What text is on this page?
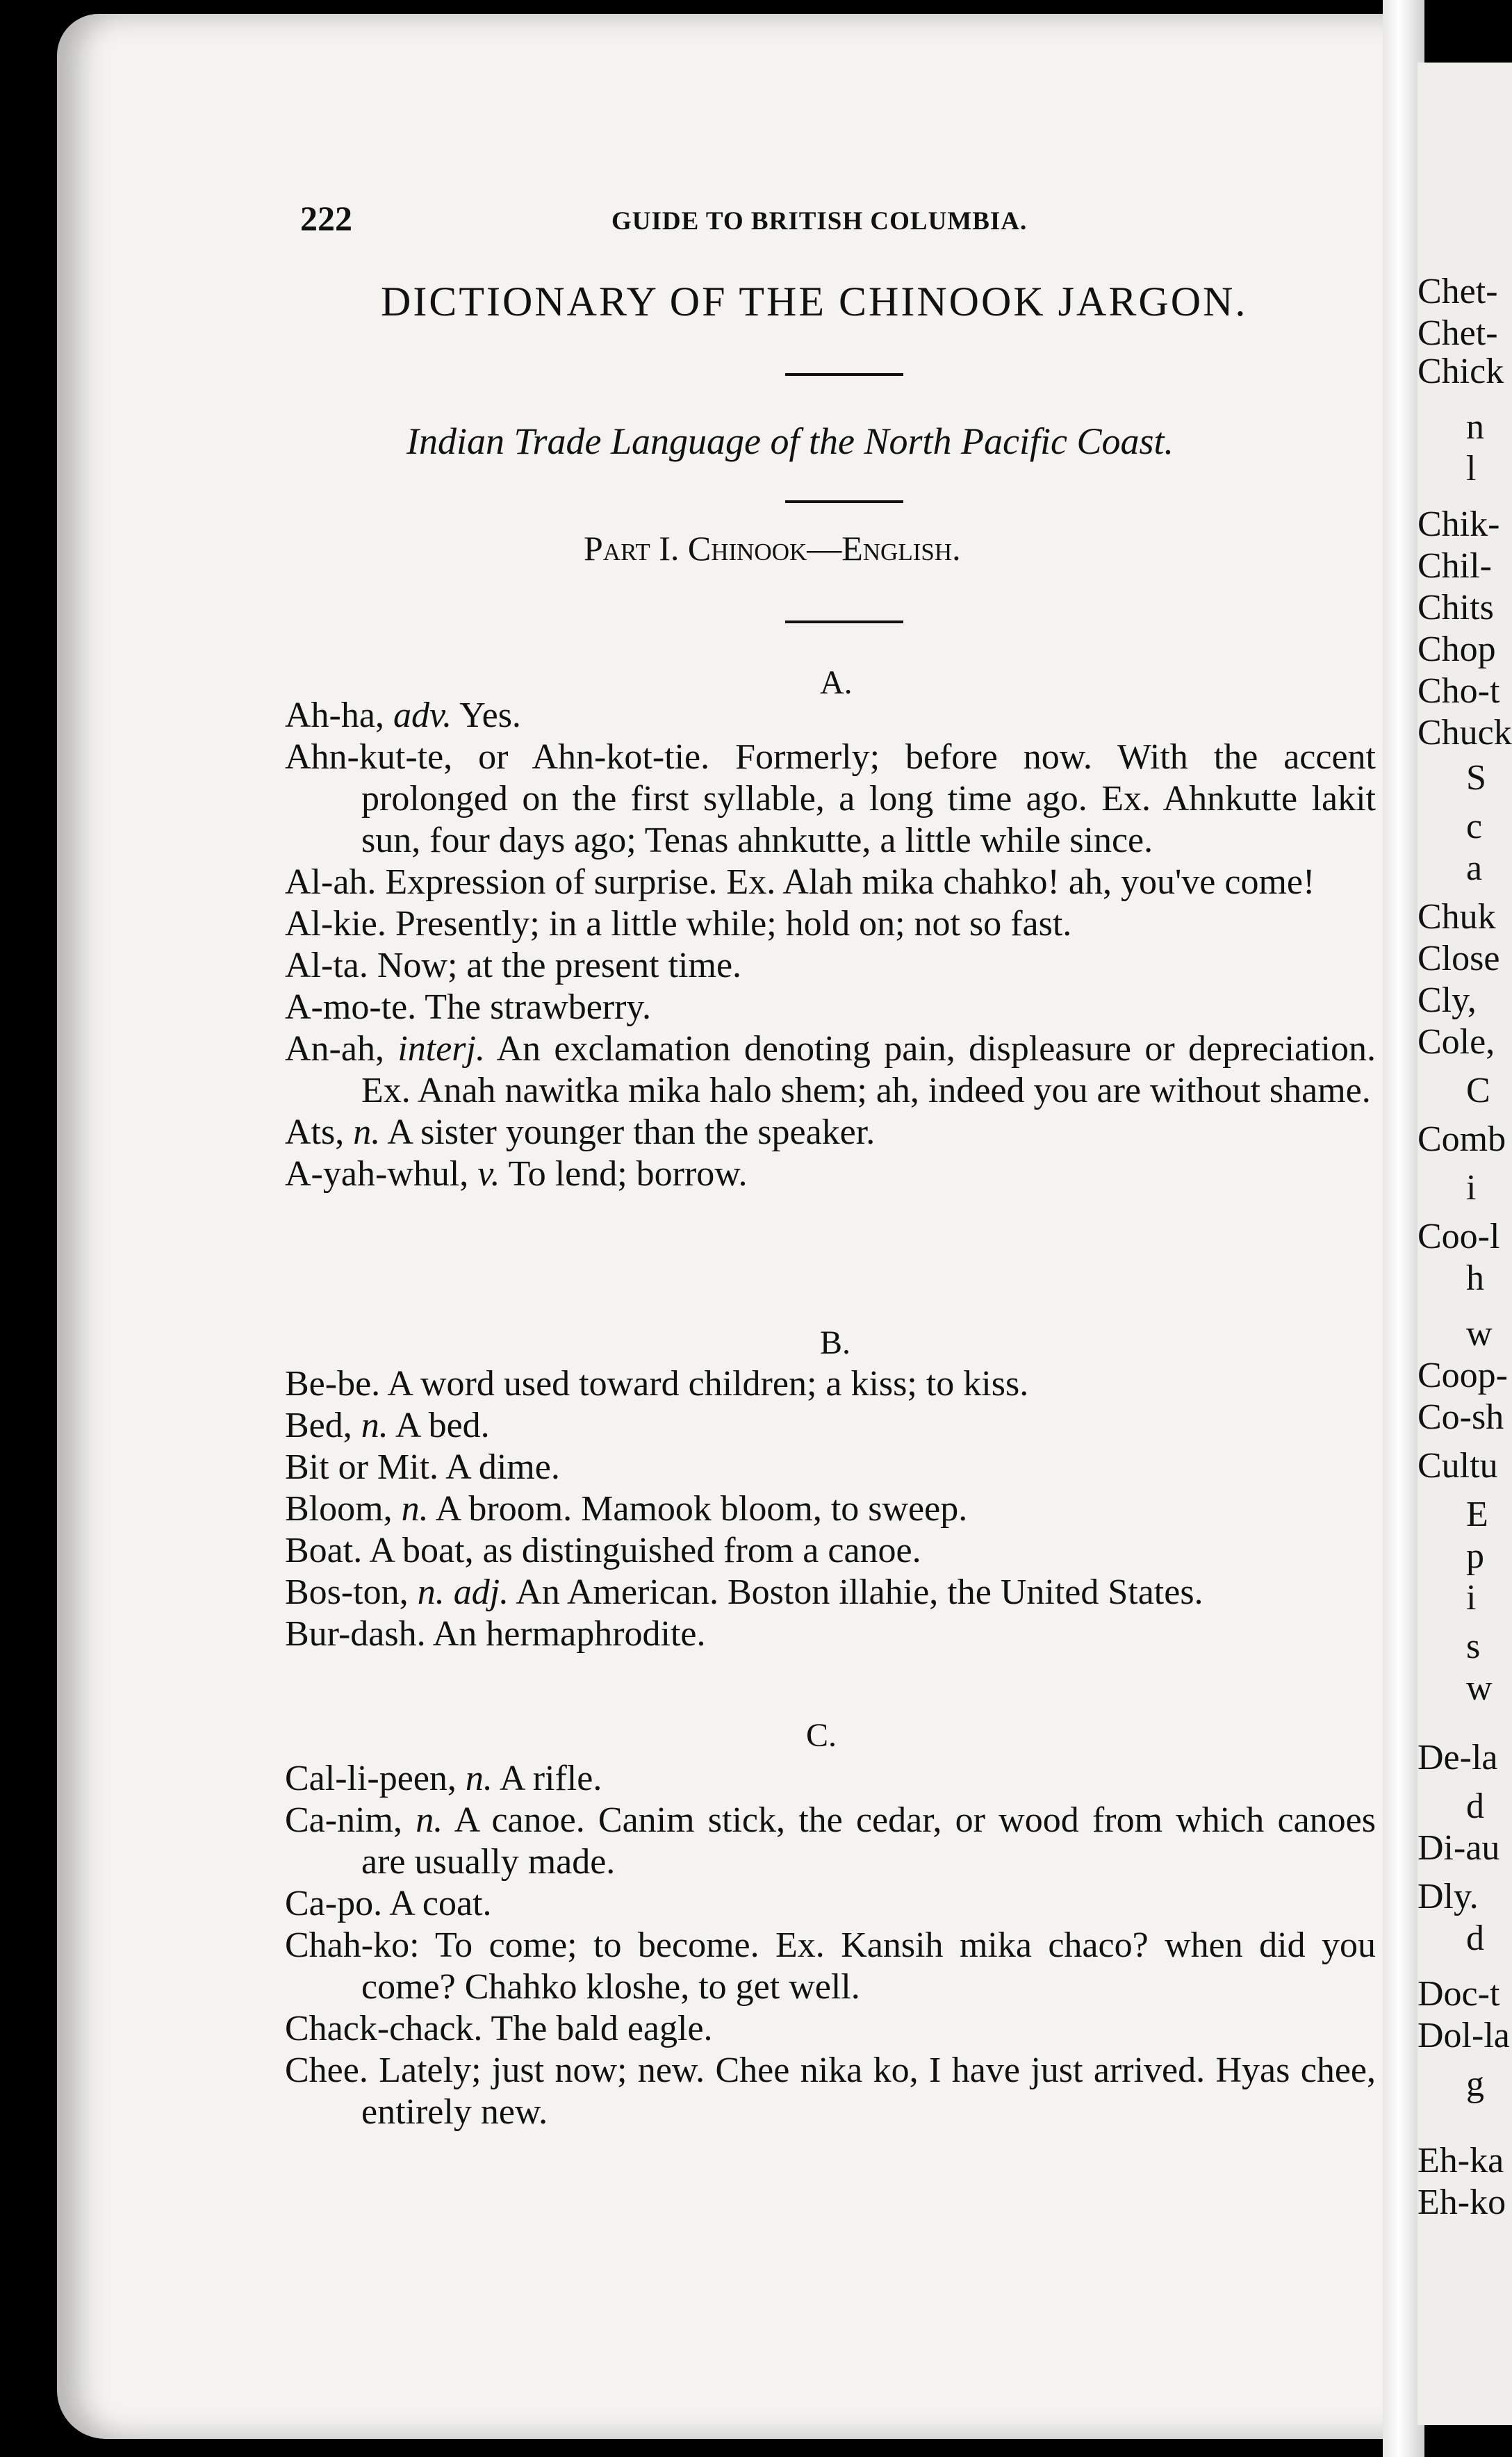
Chet-
Chet-
Chick
n
l
Chik-
Chil-
Chits
Chop
Cho-t
Chuck
S
c
a
Chuk
Close
Cly,
Cole,
C
Comb
i
Coo-l
h
w
Coop-
Co-sh
Cultu
E
p
i
s
w
De-la
d
Di-au
Dly.
d
Doc-t
Dol-la
g
Eh-ka
Eh-ko
222	GUIDE TO BRITISH COLUMBIA.
DICTIONARY OF THE CHINOOK JARGON.
Indian Trade Language of the North Pacific Coast.
Part I. Chinook—English.
A.

Ah-ha, adv. Yes.

Ahn-kut-te, or Ahn-kot-tie. Formerly; before now. With the accent prolonged on the first syllable, a long time ago. Ex. Ahnkutte lakit sun, four days ago; Tenas ahnkutte, a little while since.

Al-ah. Expression of surprise. Ex. Alah mika chahko! ah, you've come!

Al-kie. Presently; in a little while; hold on; not so fast.

Al-ta. Now; at the present time.

A-mo-te. The strawberry.

An-ah, interj. An exclamation denoting pain, displeasure or depreciation. Ex. Anah nawitka mika halo shem; ah, indeed you are without shame.

Ats, n. A sister younger than the speaker.

A-yah-whul, v. To lend; borrow.

B.

Be-be. A word used toward children; a kiss; to kiss.

Bed, n. A bed.

Bit or Mit. A dime.

Bloom, n. A broom. Mamook bloom, to sweep.

Boat. A boat, as distinguished from a canoe.

Bos-ton, n. adj. An American. Boston illahie, the United States.

Bur-dash. An hermaphrodite.

C.

Cal-li-peen, n. A rifle.

Ca-nim, n. A canoe. Canim stick, the cedar, or wood from which canoes are usually made.

Ca-po. A coat.

Chah-ko: To come; to become. Ex. Kansih mika chaco? when did you come? Chahko kloshe, to get well.

Chack-chack. The bald eagle.

Chee. Lately; just now; new. Chee nika ko, I have just arrived. Hyas chee, entirely new.
